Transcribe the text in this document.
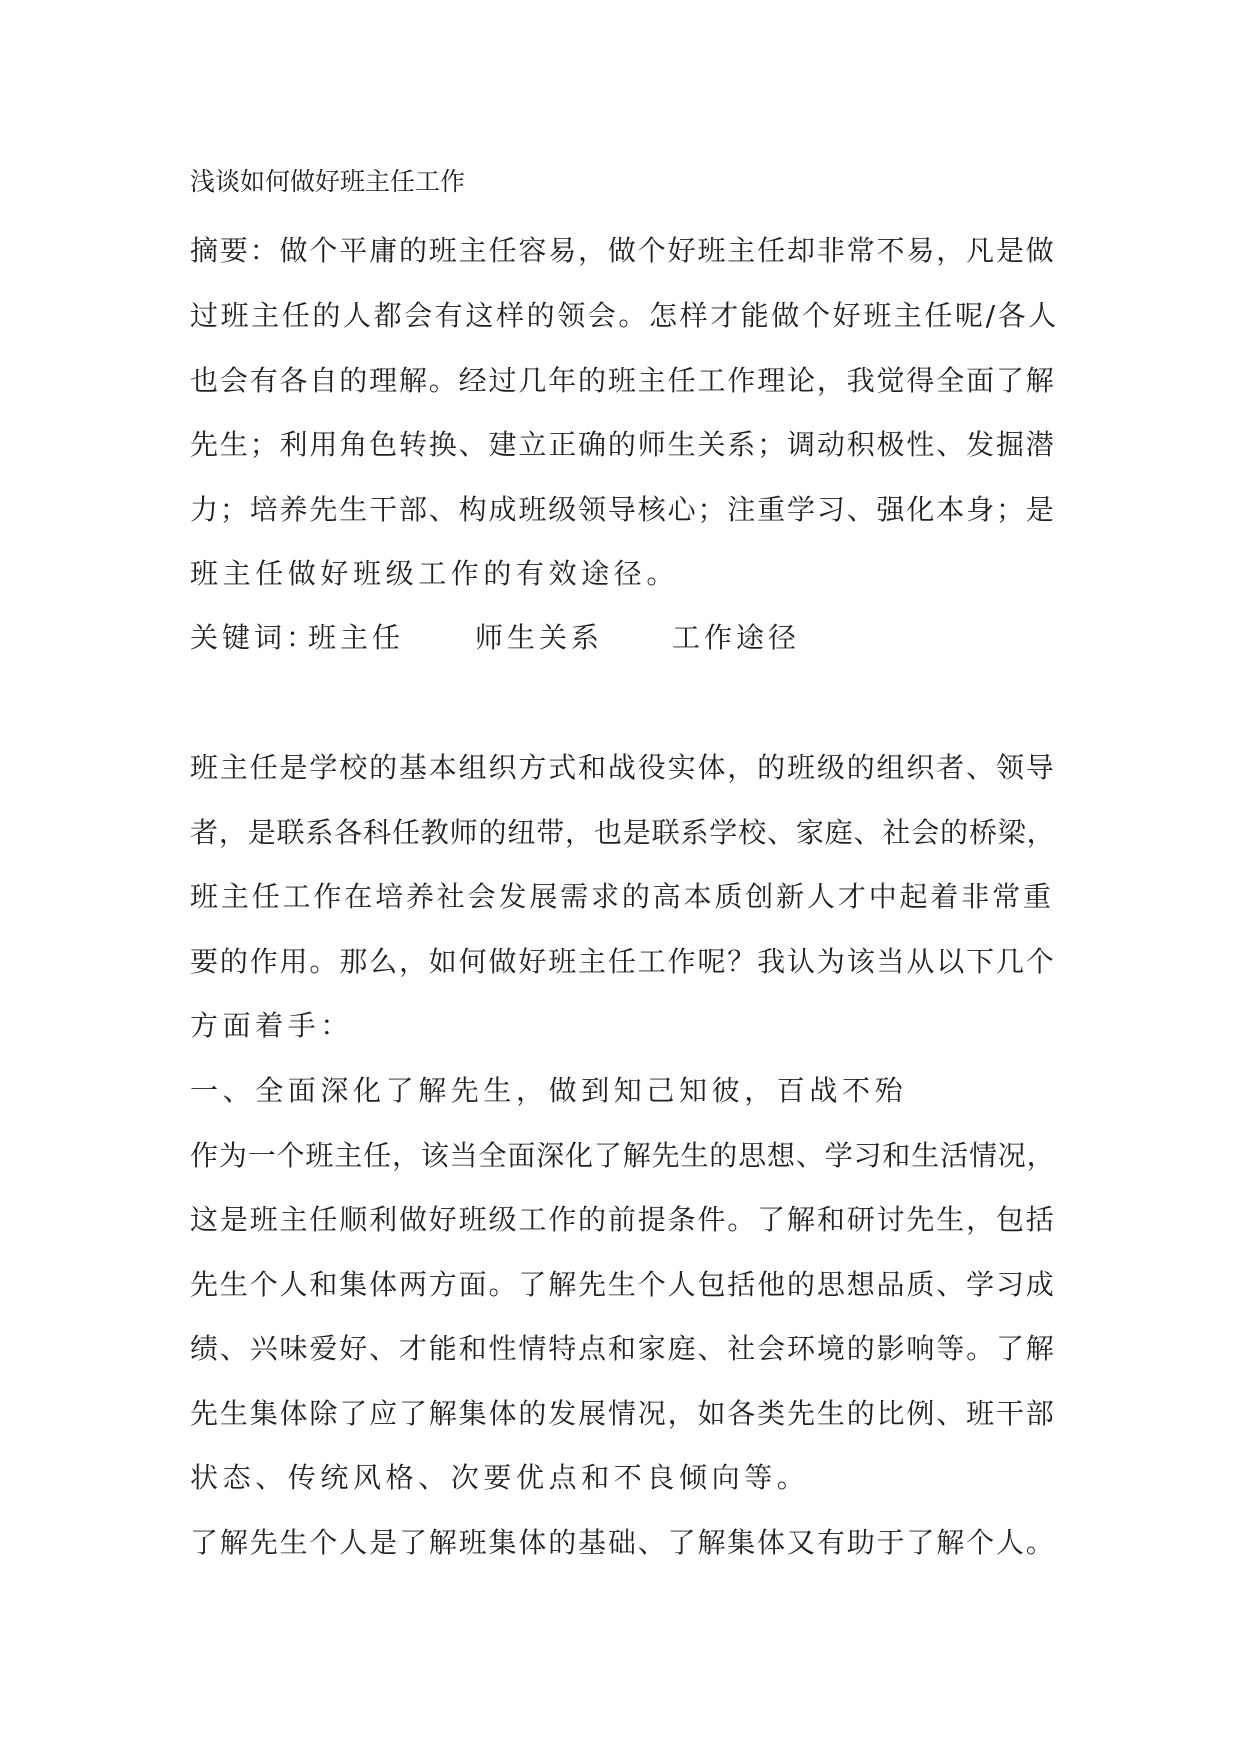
浅谈如何做好班主任工作
摘要：做个平庸的班主任容易，做个好班主任却非常不易，凡是做
过班主任的人都会有这样的领会。怎样才能做个好班主任呢/各人
也会有各自的理解。经过几年的班主任工作理论，我觉得全面了解
先生；利用角色转换、建立正确的师生关系；调动积极性、发掘潜
力；培养先生干部、构成班级领导核心；注重学习、强化本身；是
班主任做好班级工作的有效途径。
关键词：
班主任	师生关系 工作途径
班主任是学校的基本组织方式和战役实体，的班级的组织者、领导
者，是联系各科任教师的纽带，也是联系学校、家庭、社会的桥梁，
班主任工作在培养社会发展需求的高本质创新人才中起着非常重
要的作用。那么，如何做好班主任工作呢？我认为该当从以下几个
方面着手：
一、全面深化了解先生，做到知己知彼，百战不殆
作为一个班主任，该当全面深化了解先生的思想、学习和生活情况，
这是班主任顺利做好班级工作的前提条件。了解和研讨先生，包括
先生个人和集体两方面。了解先生个人包括他的思想品质、学习成
绩、兴味爱好、才能和性情特点和家庭、社会环境的影响等。了解
先生集体除了应了解集体的发展情况，如各类先生的比例、班干部
状态、传统风格、次要优点和不良倾向等。
了解先生个人是了解班集体的基础、了解集体又有助于了解个人。
